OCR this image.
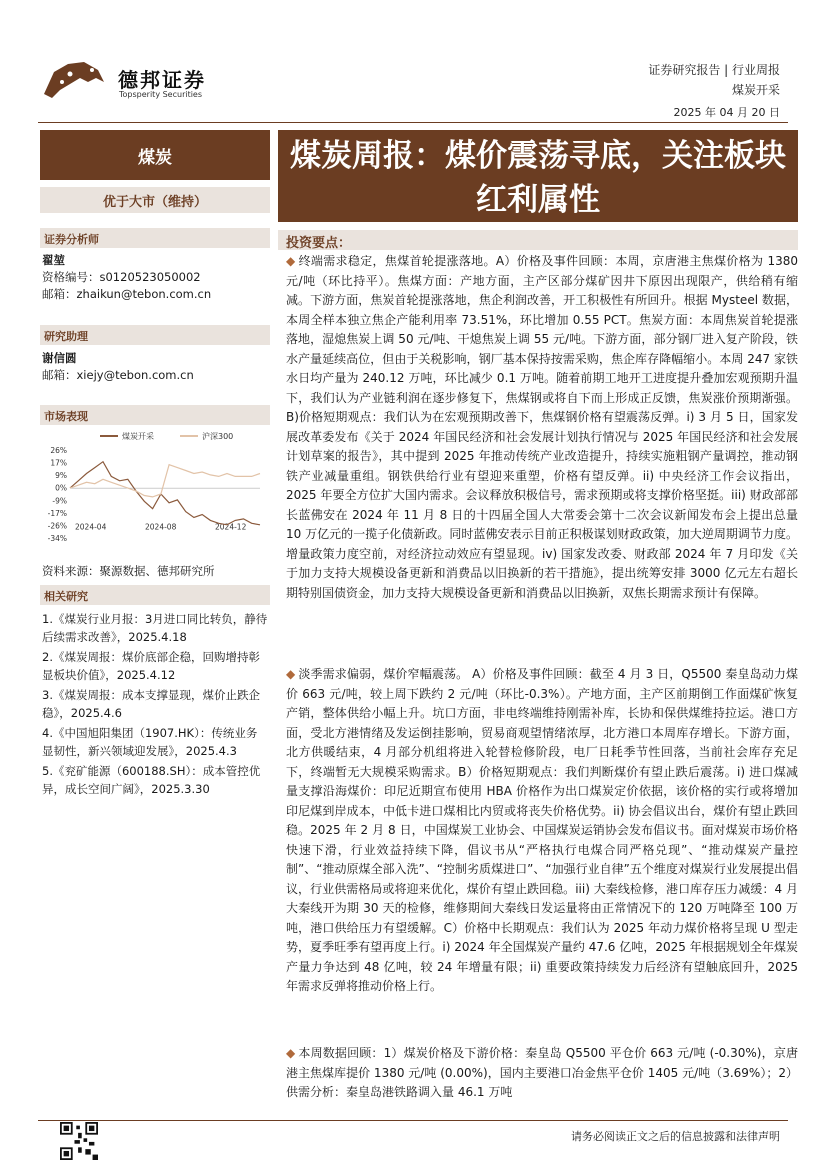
德邦证券
Topsperity Securities
证券研究报告 | 行业周报
煤炭开采
2025 年 04 月 20 日
煤炭
优于大市（维持）
证券分析师
翟堃
资格编号：s0120523050002
邮箱：zhaikun@tebon.com.cn
研究助理
谢信圆
邮箱：xiejy@tebon.com.cn
市场表现
煤炭开采	沪深300
26%
17%
9%
0%
-9%
-17%
-26%
-34%
2024-04	2024-08	2024-12
资料来源：聚源数据、德邦研究所
相关研究
1.《煤炭行业月报：3月进口同比转负，静待后续需求改善》，2025.4.18
2.《煤炭周报：煤价底部企稳，回购增持彰显板块价值》，2025.4.12
3.《煤炭周报：成本支撑显现，煤价止跌企稳》，2025.4.6
4.《中国旭阳集团（1907.HK）：传统业务显韧性，新兴领域迎发展》，2025.4.3
5.《兖矿能源（600188.SH）：成本管控优异，成长空间广阔》，2025.3.30
煤炭周报：煤价震荡寻底，关注板块红利属性
投资要点：
◆ 终端需求稳定，焦煤首轮提涨落地。A）价格及事件回顾：本周，京唐港主焦煤价格为 1380 元/吨（环比持平）。焦煤方面：产地方面，主产区部分煤矿因井下原因出现限产，供给稍有缩减。下游方面，焦炭首轮提涨落地，焦企利润改善，开工积极性有所回升。根据 Mysteel 数据，本周全样本独立焦企产能利用率 73.51%，环比增加 0.55 PCT。焦炭方面：本周焦炭首轮提涨落地，湿熄焦炭上调 50 元/吨、干熄焦炭上调 55 元/吨。下游方面，部分钢厂进入复产阶段，铁水产量延续高位，但由于关税影响，钢厂基本保持按需采购，焦企库存降幅缩小。本周 247 家铁水日均产量为 240.12 万吨，环比减少 0.1 万吨。随着前期工地开工进度提升叠加宏观预期升温下，我们认为产业链利润在逐步修复下，焦煤钢或将自下而上形成正反馈，焦炭涨价预期渐强。B)价格短期观点：我们认为在宏观预期改善下，焦煤钢价格有望震荡反弹。i) 3 月 5 日，国家发展改革委发布《关于 2024 年国民经济和社会发展计划执行情况与 2025 年国民经济和社会发展计划草案的报告》，其中提到 2025 年推动传统产业改造提升，持续实施粗钢产量调控，推动钢铁产业减量重组。钢铁供给行业有望迎来重塑，价格有望反弹。ii) 中央经济工作会议指出，2025 年要全方位扩大国内需求。会议释放积极信号，需求预期或将支撑价格坚挺。iii) 财政部部长蓝佛安在 2024 年 11 月 8 日的十四届全国人大常委会第十二次会议新闻发布会上提出总量 10 万亿元的一揽子化债新政。同时蓝佛安表示目前正积极谋划财政政策，加大逆周期调节力度。增量政策力度空前，对经济拉动效应有望显现。iv) 国家发改委、财政部 2024 年 7 月印发《关于加力支持大规模设备更新和消费品以旧换新的若干措施》，提出统筹安排 3000 亿元左右超长期特别国债资金，加力支持大规模设备更新和消费品以旧换新，双焦长期需求预计有保障。
◆ 淡季需求偏弱，煤价窄幅震荡。 A）价格及事件回顾：截至 4 月 3 日，Q5500 秦皇岛动力煤价 663 元/吨，较上周下跌约 2 元/吨（环比-0.3%）。产地方面，主产区前期倒工作面煤矿恢复产销，整体供给小幅上升。坑口方面，非电终端维持刚需补库，长协和保供煤维持拉运。港口方面，受北方港情绪及发运倒挂影响，贸易商观望情绪浓厚，北方港口本周库存增长。下游方面，北方供暖结束，4 月部分机组将进入轮替检修阶段，电厂日耗季节性回落，当前社会库存充足下，终端暂无大规模采购需求。B）价格短期观点：我们判断煤价有望止跌后震荡。i) 进口煤减量支撑沿海煤价：印尼近期宣布使用 HBA 价格作为出口煤炭定价依据，该价格的实行或将增加印尼煤到岸成本，中低卡进口煤相比内贸或将丧失价格优势。ii) 协会倡议出台，煤价有望止跌回稳。2025 年 2 月 8 日，中国煤炭工业协会、中国煤炭运销协会发布倡议书。面对煤炭市场价格快速下滑，行业效益持续下降，倡议书从“严格执行电煤合同严格兑现”、“推动煤炭产量控制”、“推动原煤全部入洗”、“控制劣质煤进口”、“加强行业自律”五个维度对煤炭行业发展提出倡议，行业供需格局或将迎来优化，煤价有望止跌回稳。iii) 大秦线检修，港口库存压力减缓：4 月大秦线开为期 30 天的检修，维修期间大秦线日发运量将由正常情况下的 120 万吨降至 100 万吨，港口供给压力有望缓解。C）价格中长期观点：我们认为 2025 年动力煤价格将呈现 U 型走势，夏季旺季有望再度上行。i) 2024 年全国煤炭产量约 47.6 亿吨，2025 年根据规划全年煤炭产量力争达到 48 亿吨，较 24 年增量有限；ii) 重要政策持续发力后经济有望触底回升，2025 年需求反弹将推动价格上行。
◆ 本周数据回顾：1）煤炭价格及下游价格：秦皇岛 Q5500 平仓价 663 元/吨 (-0.30%)，京唐港主焦煤库提价 1380 元/吨 (0.00%)，国内主要港口冶金焦平仓价 1405 元/吨（3.69%）；2）供需分析：秦皇岛港铁路调入量 46.1 万吨
请务必阅读正文之后的信息披露和法律声明
